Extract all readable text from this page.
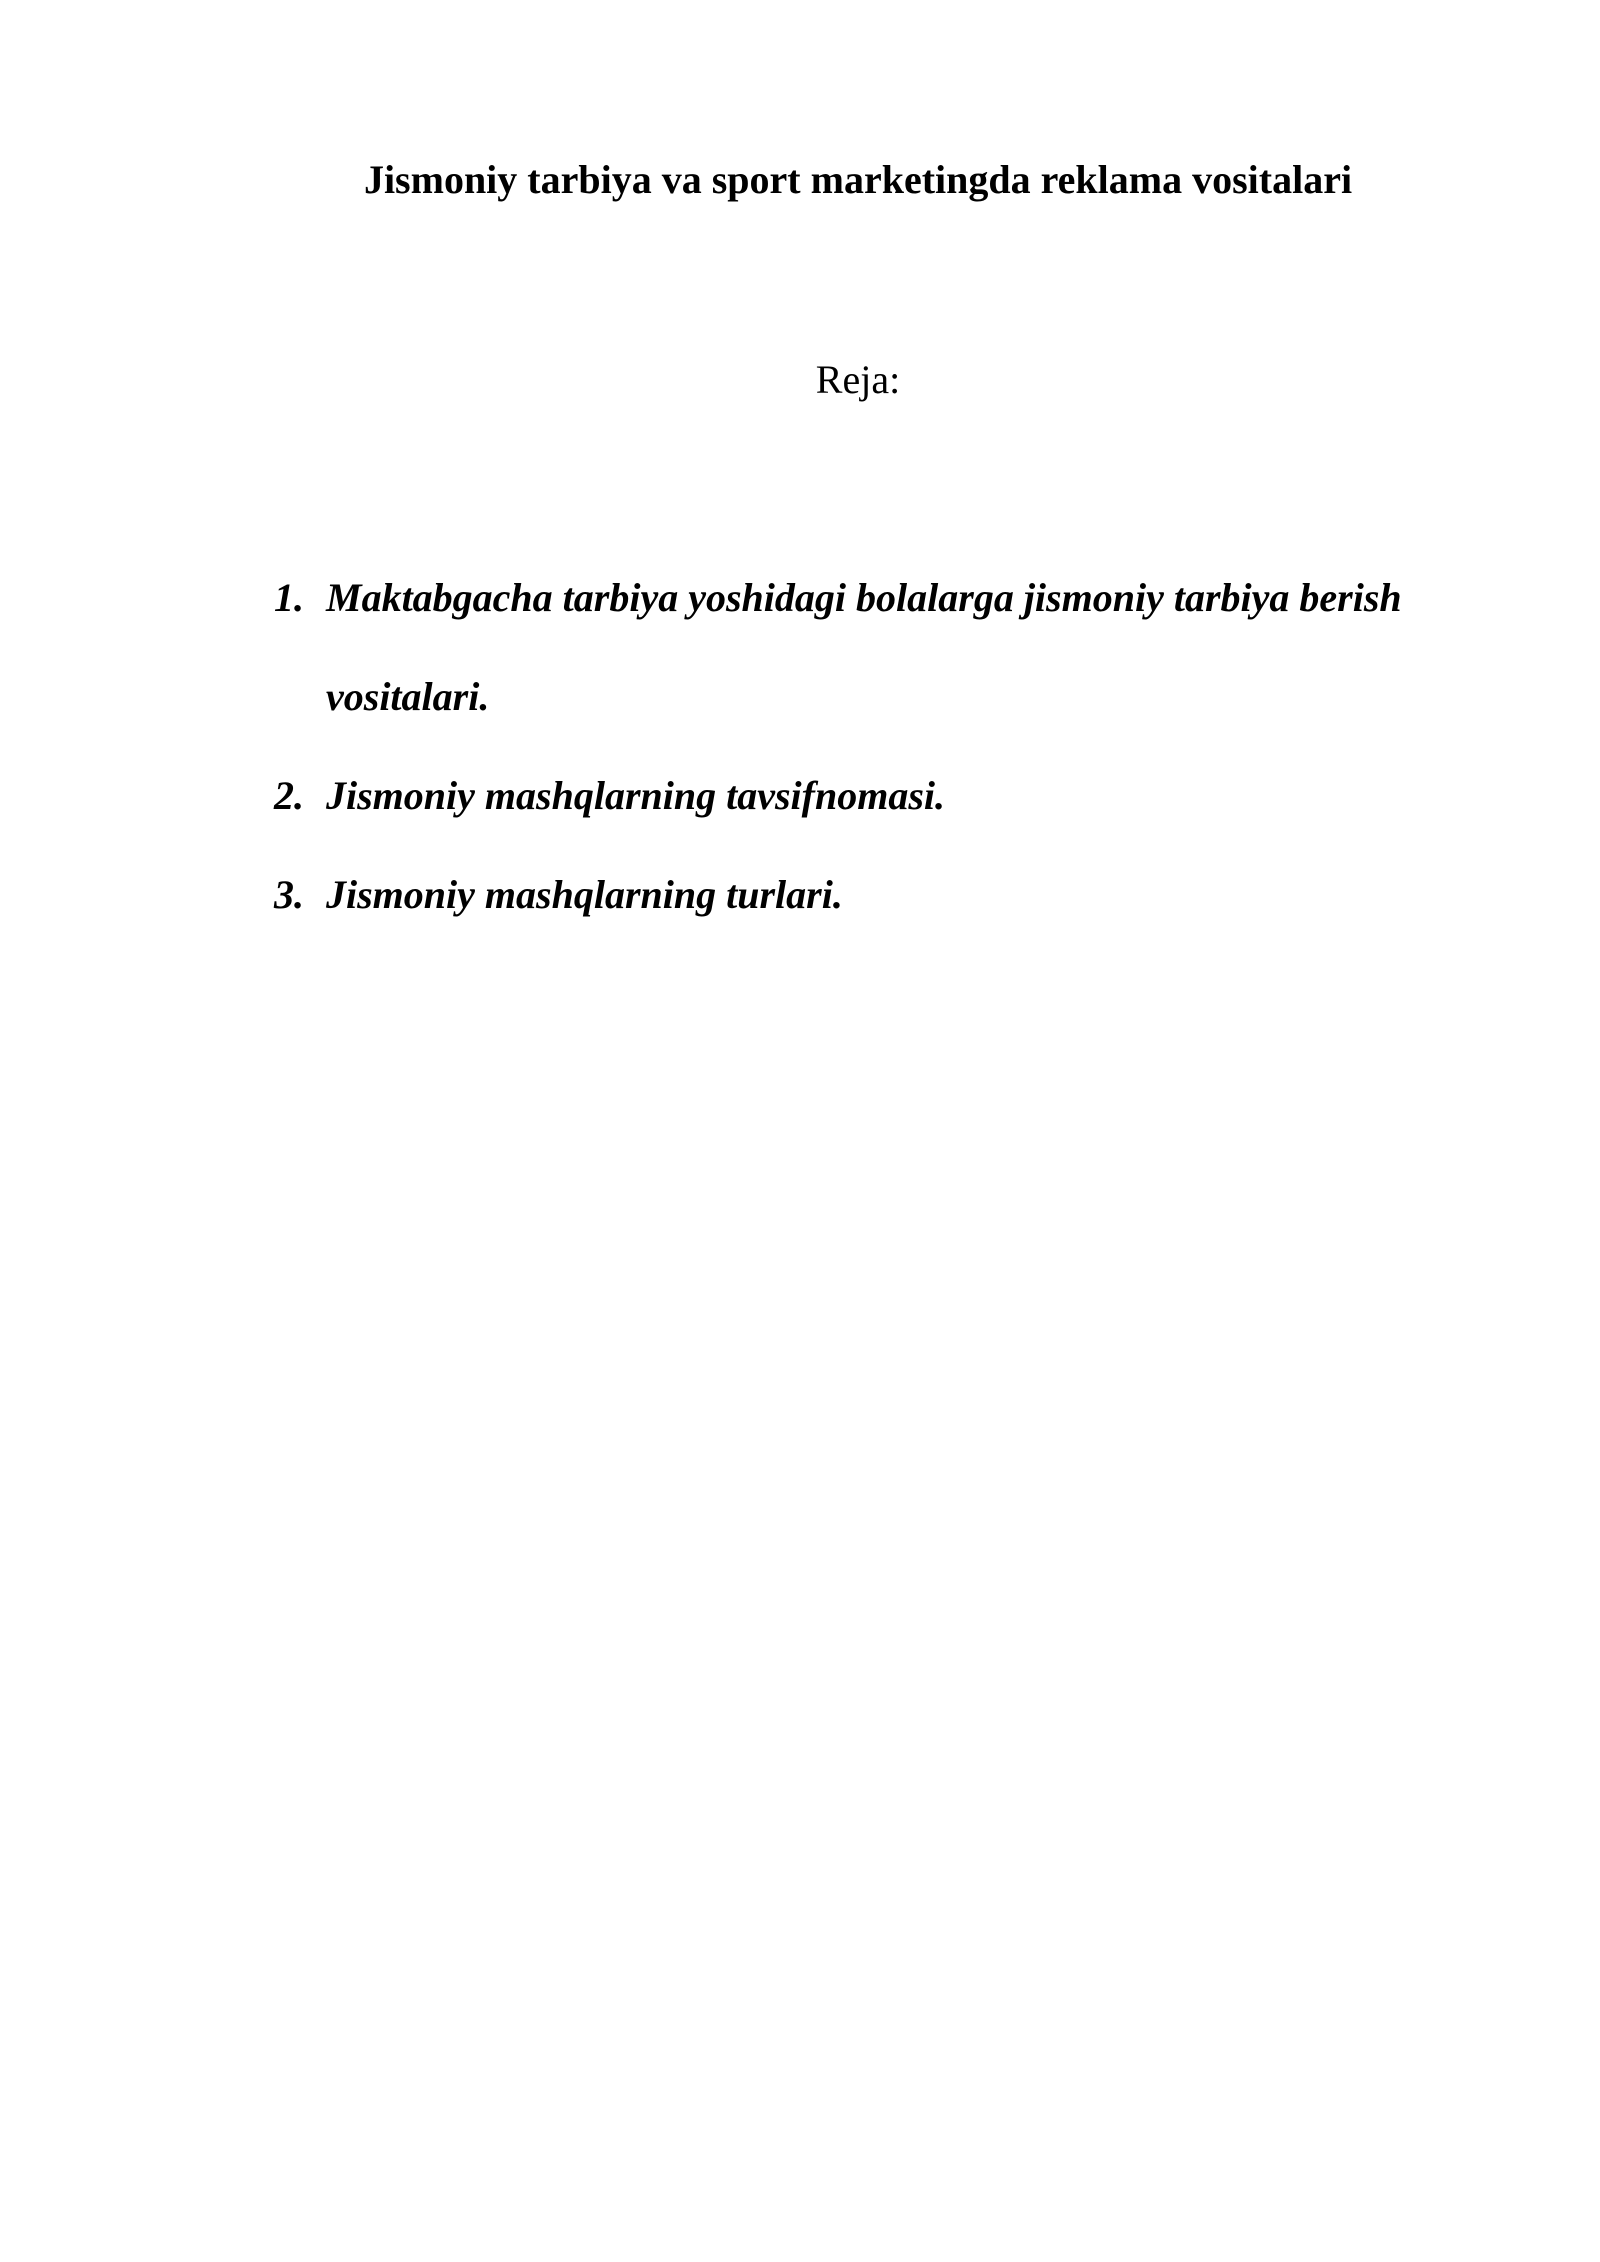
Jismoniy tarbiya va sport marketingda reklama vositalari

Reja:

1. Maktabgacha tarbiya yoshidagi bolalarga jismoniy tarbiya berish vositalari.
2. Jismoniy mashqlarning tavsifnomasi.
3. Jismoniy mashqlarning turlari.
